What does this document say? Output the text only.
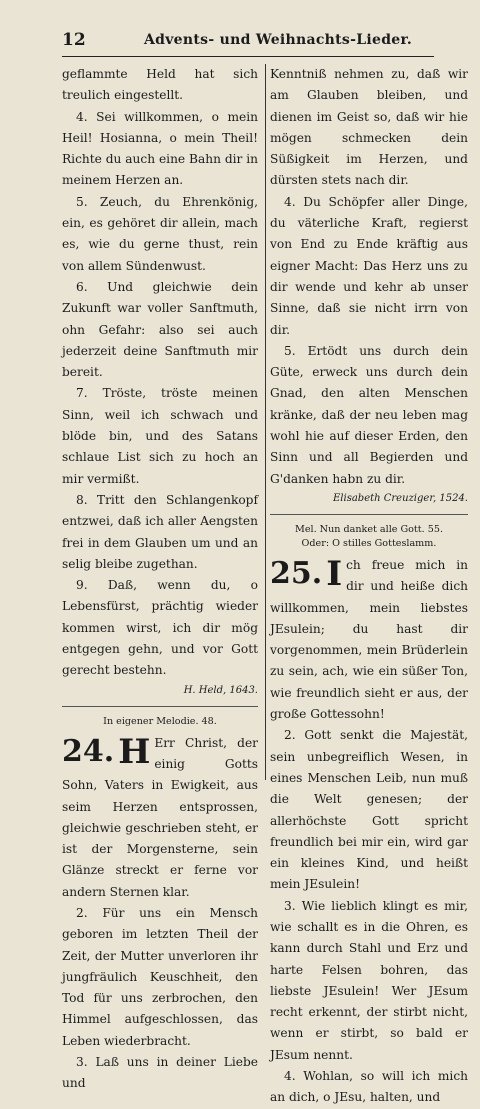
12	Advents- und Weihnachts-Lieder.

geflammte Held hat sich treulich eingestellt.

4. Sei willkommen, o mein Heil! Hosianna, o mein Theil! Richte du auch eine Bahn dir in meinem Herzen an.

5. Zeuch, du Ehrenkönig, ein, es gehöret dir allein, mach es, wie du gerne thust, rein von allem Sündenwust.

6. Und gleichwie dein Zukunft war voller Sanftmuth, ohn Gefahr: also sei auch jederzeit deine Sanftmuth mir bereit.

7. Tröste, tröste meinen Sinn, weil ich schwach und blöde bin, und des Satans schlaue List sich zu hoch an mir vermißt.

8. Tritt den Schlangenkopf entzwei, daß ich aller Aengsten frei in dem Glauben um und an selig bleibe zugethan.

9. Daß, wenn du, o Lebensfürst, prächtig wieder kommen wirst, ich dir mög entgegen gehn, und vor Gott gerecht bestehn.

H. Held, 1643.

In eigener Melodie. 48.

24. H Err Christ, der einig Gotts Sohn, Vaters in Ewigkeit, aus seim Herzen entsprossen, gleichwie geschrieben steht, er ist der Morgensterne, sein Glänze streckt er ferne vor andern Sternen klar.

2. Für uns ein Mensch geboren im letzten Theil der Zeit, der Mutter unverloren ihr jungfräulich Keuschheit, den Tod für uns zerbrochen, den Himmel aufgeschlossen, das Leben wiederbracht.

3. Laß uns in deiner Liebe und

Kenntniß nehmen zu, daß wir am Glauben bleiben, und dienen im Geist so, daß wir hie mögen schmecken dein Süßigkeit im Herzen, und dürsten stets nach dir.

4. Du Schöpfer aller Dinge, du väterliche Kraft, regierst von End zu Ende kräftig aus eigner Macht: Das Herz uns zu dir wende und kehr ab unser Sinne, daß sie nicht irrn von dir.

5. Ertödt uns durch dein Güte, erweck uns durch dein Gnad, den alten Menschen kränke, daß der neu leben mag wohl hie auf dieser Erden, den Sinn und all Begierden und G'danken habn zu dir.

Elisabeth Creuziger, 1524.

Mel. Nun danket alle Gott. 55.
Oder: O stilles Gotteslamm.

25. I ch freue mich in dir und heiße dich willkommen, mein liebstes JEsulein; du hast dir vorgenommen, mein Brüderlein zu sein, ach, wie ein süßer Ton, wie freundlich sieht er aus, der große Gottessohn!

2. Gott senkt die Majestät, sein unbegreiflich Wesen, in eines Menschen Leib, nun muß die Welt genesen; der allerhöchste Gott spricht freundlich bei mir ein, wird gar ein kleines Kind, und heißt mein JEsulein!

3. Wie lieblich klingt es mir, wie schallt es in die Ohren, es kann durch Stahl und Erz und harte Felsen bohren, das liebste JEsulein! Wer JEsum recht erkennt, der stirbt nicht, wenn er stirbt, so bald er JEsum nennt.

4. Wohlan, so will ich mich an dich, o JEsu, halten, und
